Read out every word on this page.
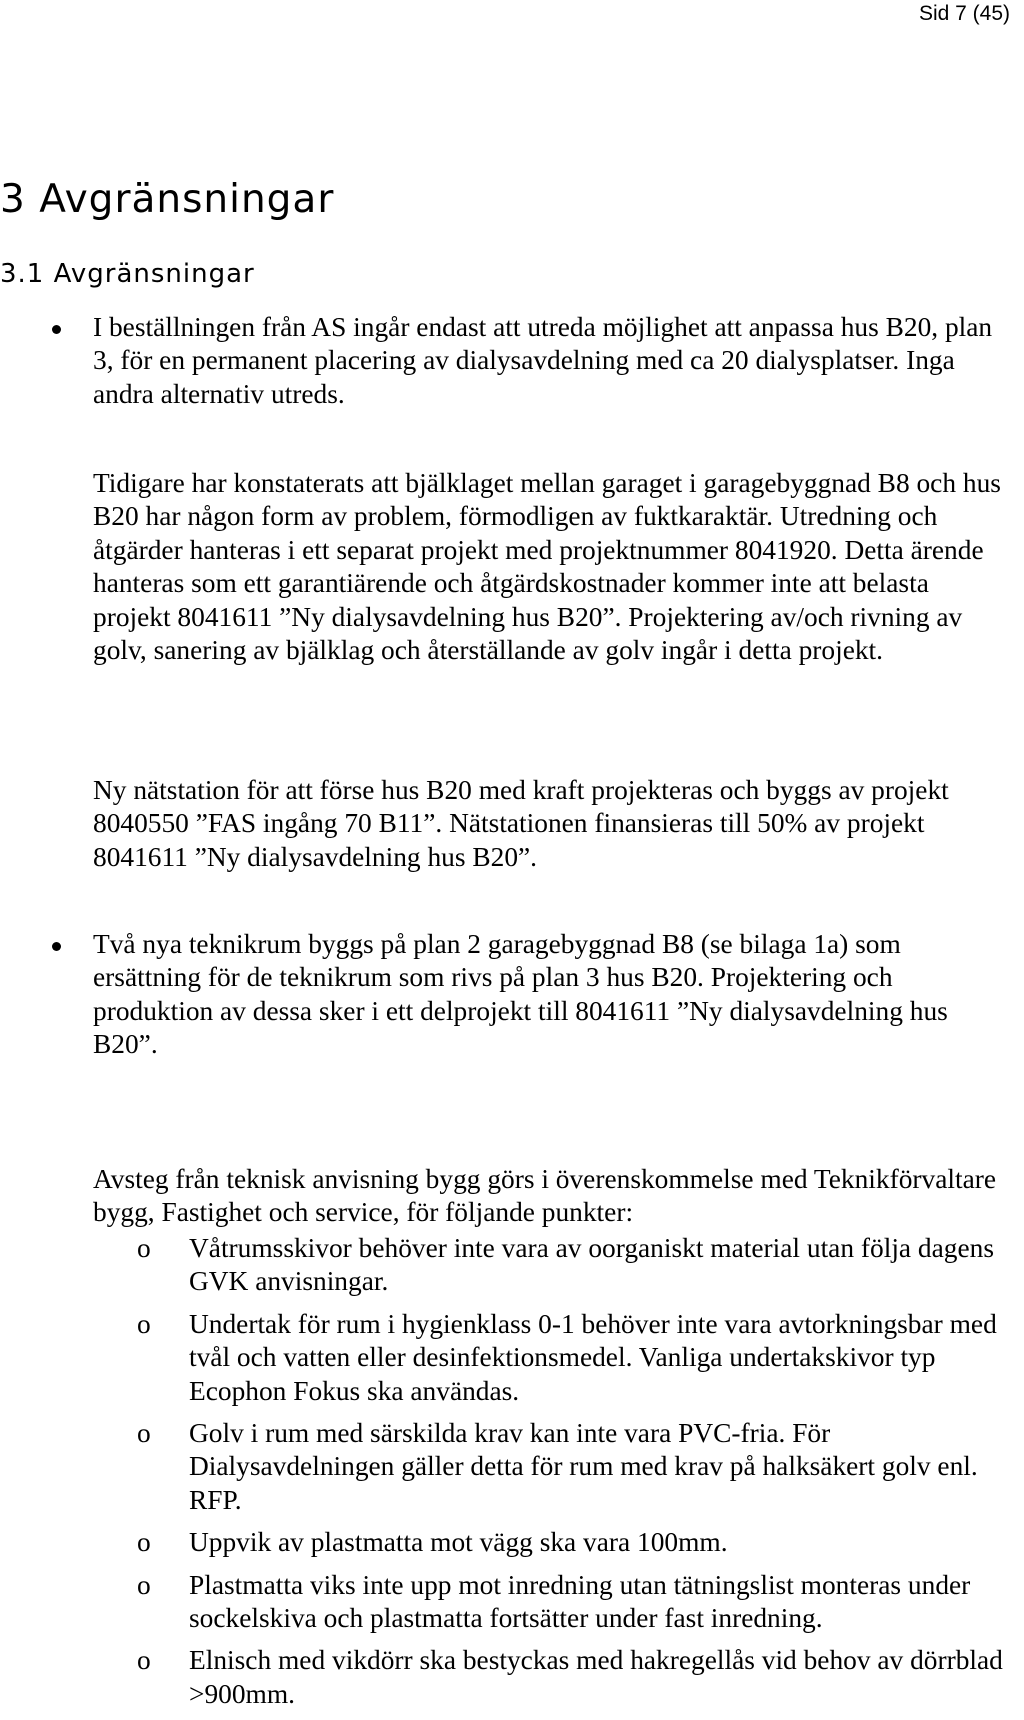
Sid 7 (45)

3 Avgränsningar
3.1 Avgränsningar

I beställningen från AS ingår endast att utreda möjlighet att anpassa hus B20, plan 3, för en permanent placering av dialysavdelning med ca 20 dialysplatser. Inga andra alternativ utreds.

Tidigare har konstaterats att bjälklaget mellan garaget i garagebyggnad B8 och hus B20 har någon form av problem, förmodligen av fuktkaraktär. Utredning och åtgärder hanteras i ett separat projekt med projektnummer 8041920. Detta ärende hanteras som ett garantiärende och åtgärdskostnader kommer inte att belasta projekt 8041611 ”Ny dialysavdelning hus B20”. Projektering av/och rivning av golv, sanering av bjälklag och återställande av golv ingår i detta projekt.

Ny nätstation för att förse hus B20 med kraft projekteras och byggs av projekt 8040550 ”FAS ingång 70 B11”. Nätstationen finansieras till 50% av projekt 8041611 ”Ny dialysavdelning hus B20”.

Två nya teknikrum byggs på plan 2 garagebyggnad B8 (se bilaga 1a) som ersättning för de teknikrum som rivs på plan 3 hus B20. Projektering och produktion av dessa sker i ett delprojekt till 8041611 ”Ny dialysavdelning hus B20”.

Avsteg från teknisk anvisning bygg görs i överenskommelse med Teknikförvaltare bygg, Fastighet och service, för följande punkter:

o Våtrumsskivor behöver inte vara av oorganiskt material utan följa dagens GVK anvisningar.

o Undertak för rum i hygienklass 0-1 behöver inte vara avtorkningsbar med tvål och vatten eller desinfektionsmedel. Vanliga undertakskivor typ Ecophon Fokus ska användas.

o Golv i rum med särskilda krav kan inte vara PVC-fria. För Dialysavdelningen gäller detta för rum med krav på halksäkert golv enl. RFP.

o Uppvik av plastmatta mot vägg ska vara 100mm.

o Plastmatta viks inte upp mot inredning utan tätningslist monteras under sockelskiva och plastmatta fortsätter under fast inredning.

o Elnisch med vikdörr ska bestyckas med hakregellås vid behov av dörrblad >900mm.
